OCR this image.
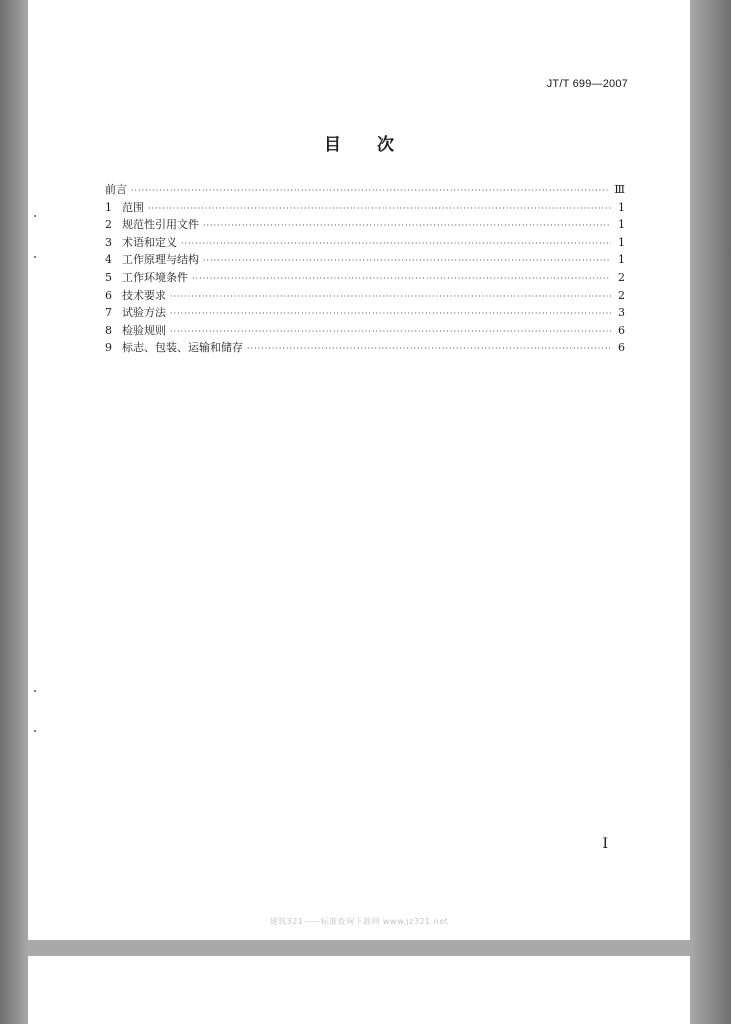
JT/T 699—2007
目 次
前言 ·····	Ⅲ
1 范围 ·····	1
2 规范性引用文件 ·····	1
3 术语和定义 ·····	1
4 工作原理与结构 ·····	1
5 工作环境条件 ·····	2
6 技术要求 ·····	2
7 试验方法 ·····	3
8 检验规则 ·····	6
9 标志、包装、运输和储存 ·····	6
I
建筑321——标准查询下载网 www.jz321.net
